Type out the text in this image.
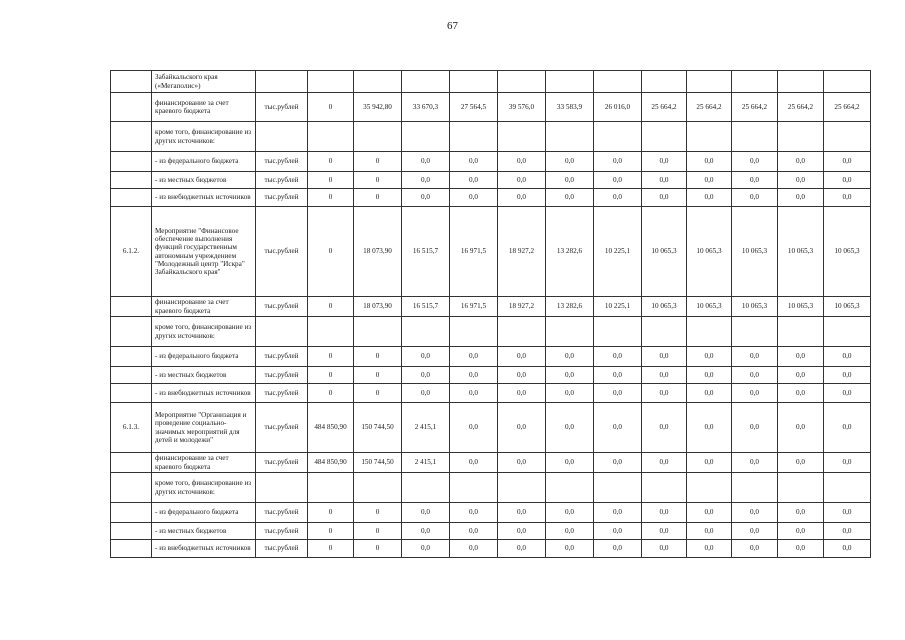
67
	Забайкальского края («Мегаполис»)													
	финансирование за счет краевого бюджета	тыс.рублей	0	35 942,80	33 670,3	27 564,5	39 576,0	33 583,9	26 016,0	25 664,2	25 664,2	25 664,2	25 664,2	25 664,2
	кроме того, финансирование из других источников:													
	- из федерального бюджета	тыс.рублей	0	0	0,0	0,0	0,0	0,0	0,0	0,0	0,0	0,0	0,0	0,0
	- из местных бюджетов	тыс.рублей	0	0	0,0	0,0	0,0	0,0	0,0	0,0	0,0	0,0	0,0	0,0
	- из внебюджетных источников	тыс.рублей	0	0	0,0	0,0	0,0	0,0	0,0	0,0	0,0	0,0	0,0	0,0
6.1.2.	Мероприятие "Финансовое обеспечение выполнения функций государственным автономным учреждением "Молодежный центр "Искра" Забайкальского края"	тыс.рублей	0	18 073,90	16 515,7	16 971,5	18 927,2	13 282,6	10 225,1	10 065,3	10 065,3	10 065,3	10 065,3	10 065,3
	финансирование за счет краевого бюджета	тыс.рублей	0	18 073,90	16 515,7	16 971,5	18 927,2	13 282,6	10 225,1	10 065,3	10 065,3	10 065,3	10 065,3	10 065,3
	кроме того, финансирование из других источников:													
	- из федерального бюджета	тыс.рублей	0	0	0,0	0,0	0,0	0,0	0,0	0,0	0,0	0,0	0,0	0,0
	- из местных бюджетов	тыс.рублей	0	0	0,0	0,0	0,0	0,0	0,0	0,0	0,0	0,0	0,0	0,0
	- из внебюджетных источников	тыс.рублей	0	0	0,0	0,0	0,0	0,0	0,0	0,0	0,0	0,0	0,0	0,0
6.1.3.	Мероприятие "Организация и проведение социально-значимых мероприятий для детей и молодежи"	тыс.рублей	484 850,90	150 744,50	2 415,1	0,0	0,0	0,0	0,0	0,0	0,0	0,0	0,0	0,0
	финансирование за счет краевого бюджета	тыс.рублей	484 850,90	150 744,50	2 415,1	0,0	0,0	0,0	0,0	0,0	0,0	0,0	0,0	0,0
	кроме того, финансирование из других источников:													
	- из федерального бюджета	тыс.рублей	0	0	0,0	0,0	0,0	0,0	0,0	0,0	0,0	0,0	0,0	0,0
	- из местных бюджетов	тыс.рублей	0	0	0,0	0,0	0,0	0,0	0,0	0,0	0,0	0,0	0,0	0,0
	- из внебюджетных источников	тыс.рублей	0	0	0,0	0,0	0,0	0,0	0,0	0,0	0,0	0,0	0,0	0,0
